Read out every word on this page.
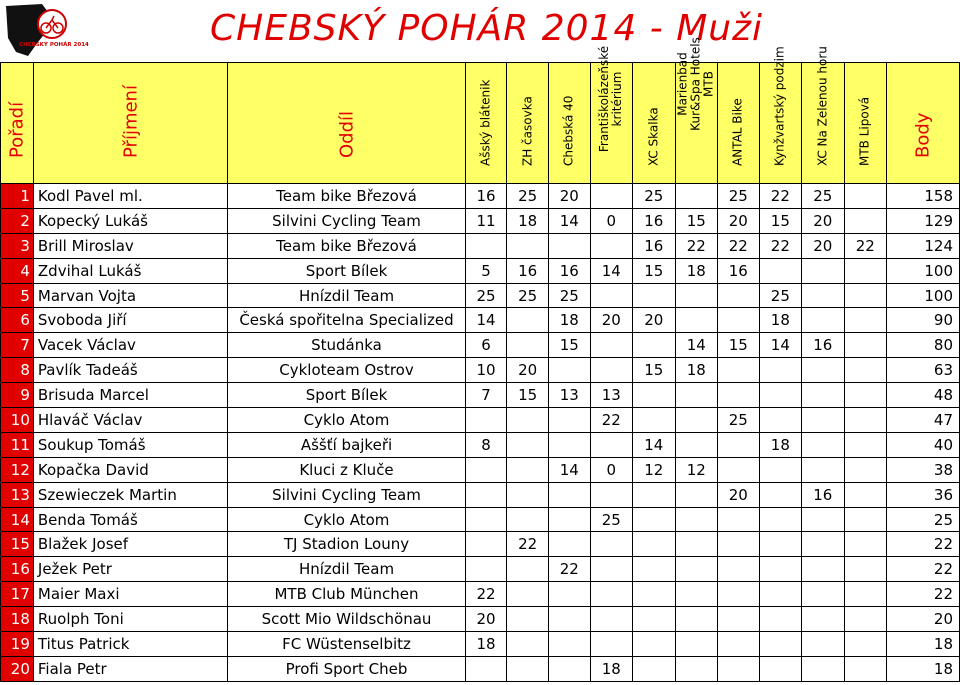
CHEBSKÝ POHÁR 2014	CHEBSKÝ POHÁR 2014 - Muži
Pořadí	Příjmení	Oddíl	Ašský blátenik	ZH časovka	Chebská 40	Františkolázeňské kritérium	XC Skalka	Marienbad Kur&Spa Hotels MTB	ANTAL Bike	Kynžvartský podzim	XC Na Zelenou horu	MTB Lipová	Body

1	Kodl Pavel ml.	Team bike Březová	16	25	20		25		25	22	25		158
2	Kopecký Lukáš	Silvini Cycling Team	11	18	14	0	16	15	20	15	20		129
3	Brill Miroslav	Team bike Březová					16	22	22	22	20	22	124
4	Zdvihal Lukáš	Sport Bílek	5	16	16	14	15	18	16				100
5	Marvan Vojta	Hnízdil Team	25	25	25					25			100
6	Svoboda Jiří	Česká spořitelna Specialized	14		18	20	20			18			90
7	Vacek Václav	Studánka	6		15			14	15	14	16		80
8	Pavlík Tadeáš	Cykloteam Ostrov	10	20			15	18					63
9	Brisuda Marcel	Sport Bílek	7	15	13	13							48
10	Hlaváč Václav	Cyklo Atom				22			25				47
11	Soukup Tomáš	Aššťí bajkeři	8				14			18			40
12	Kopačka David	Kluci z Kluče			14	0	12	12					38
13	Szewieczek Martin	Silvini Cycling Team							20		16		36
14	Benda Tomáš	Cyklo Atom				25							25
15	Blažek Josef	TJ Stadion Louny		22									22
16	Ježek Petr	Hnízdil Team			22								22
17	Maier Maxi	MTB Club München	22										22
18	Ruolph Toni	Scott Mio Wildschönau	20										20
19	Titus Patrick	FC Wüstenselbitz	18										18
20	Fiala Petr	Profi Sport Cheb				18							18
